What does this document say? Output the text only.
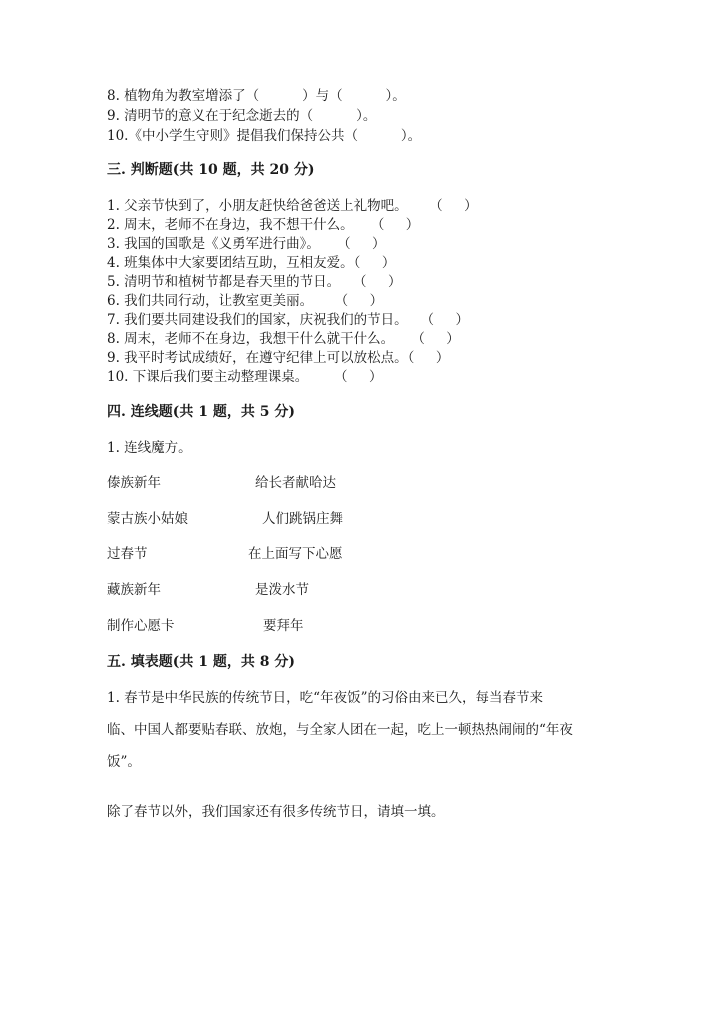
8. 植物角为教室增添了（          ）与（          ）。
9. 清明节的意义在于纪念逝去的（          ）。
10.《中小学生守则》提倡我们保持公共（          ）。
三. 判断题(共 10 题，共 20 分)
1. 父亲节快到了，小朋友赶快给爸爸送上礼物吧。     （     ）
2. 周末，老师不在身边，我不想干什么。    （     ）
3. 我国的国歌是《义勇军进行曲》。    （     ）
4. 班集体中大家要团结互助，互相友爱。（     ）
5. 清明节和植树节都是春天里的节日。   （     ）
6. 我们共同行动，让教室更美丽。     （     ）
7. 我们要共同建设我们的国家，庆祝我们的节日。   （     ）
8. 周末，老师不在身边，我想干什么就干什么。    （     ）
9. 我平时考试成绩好，在遵守纪律上可以放松点。（     ）
10. 下课后我们要主动整理课桌。      （     ）
四. 连线题(共 1 题，共 5 分)
1. 连线魔方。
傣族新年	给长者献哈达
蒙古族小姑娘	人们跳锅庄舞
过春节	在上面写下心愿
藏族新年	是泼水节
制作心愿卡	要拜年
五. 填表题(共 1 题，共 8 分)
1. 春节是中华民族的传统节日，吃“年夜饭”的习俗由来已久，每当春节来
临、中国人都要贴春联、放炮，与全家人团在一起，吃上一顿热热闹闹的“年夜
饭”。
除了春节以外，我们国家还有很多传统节日，请填一填。
